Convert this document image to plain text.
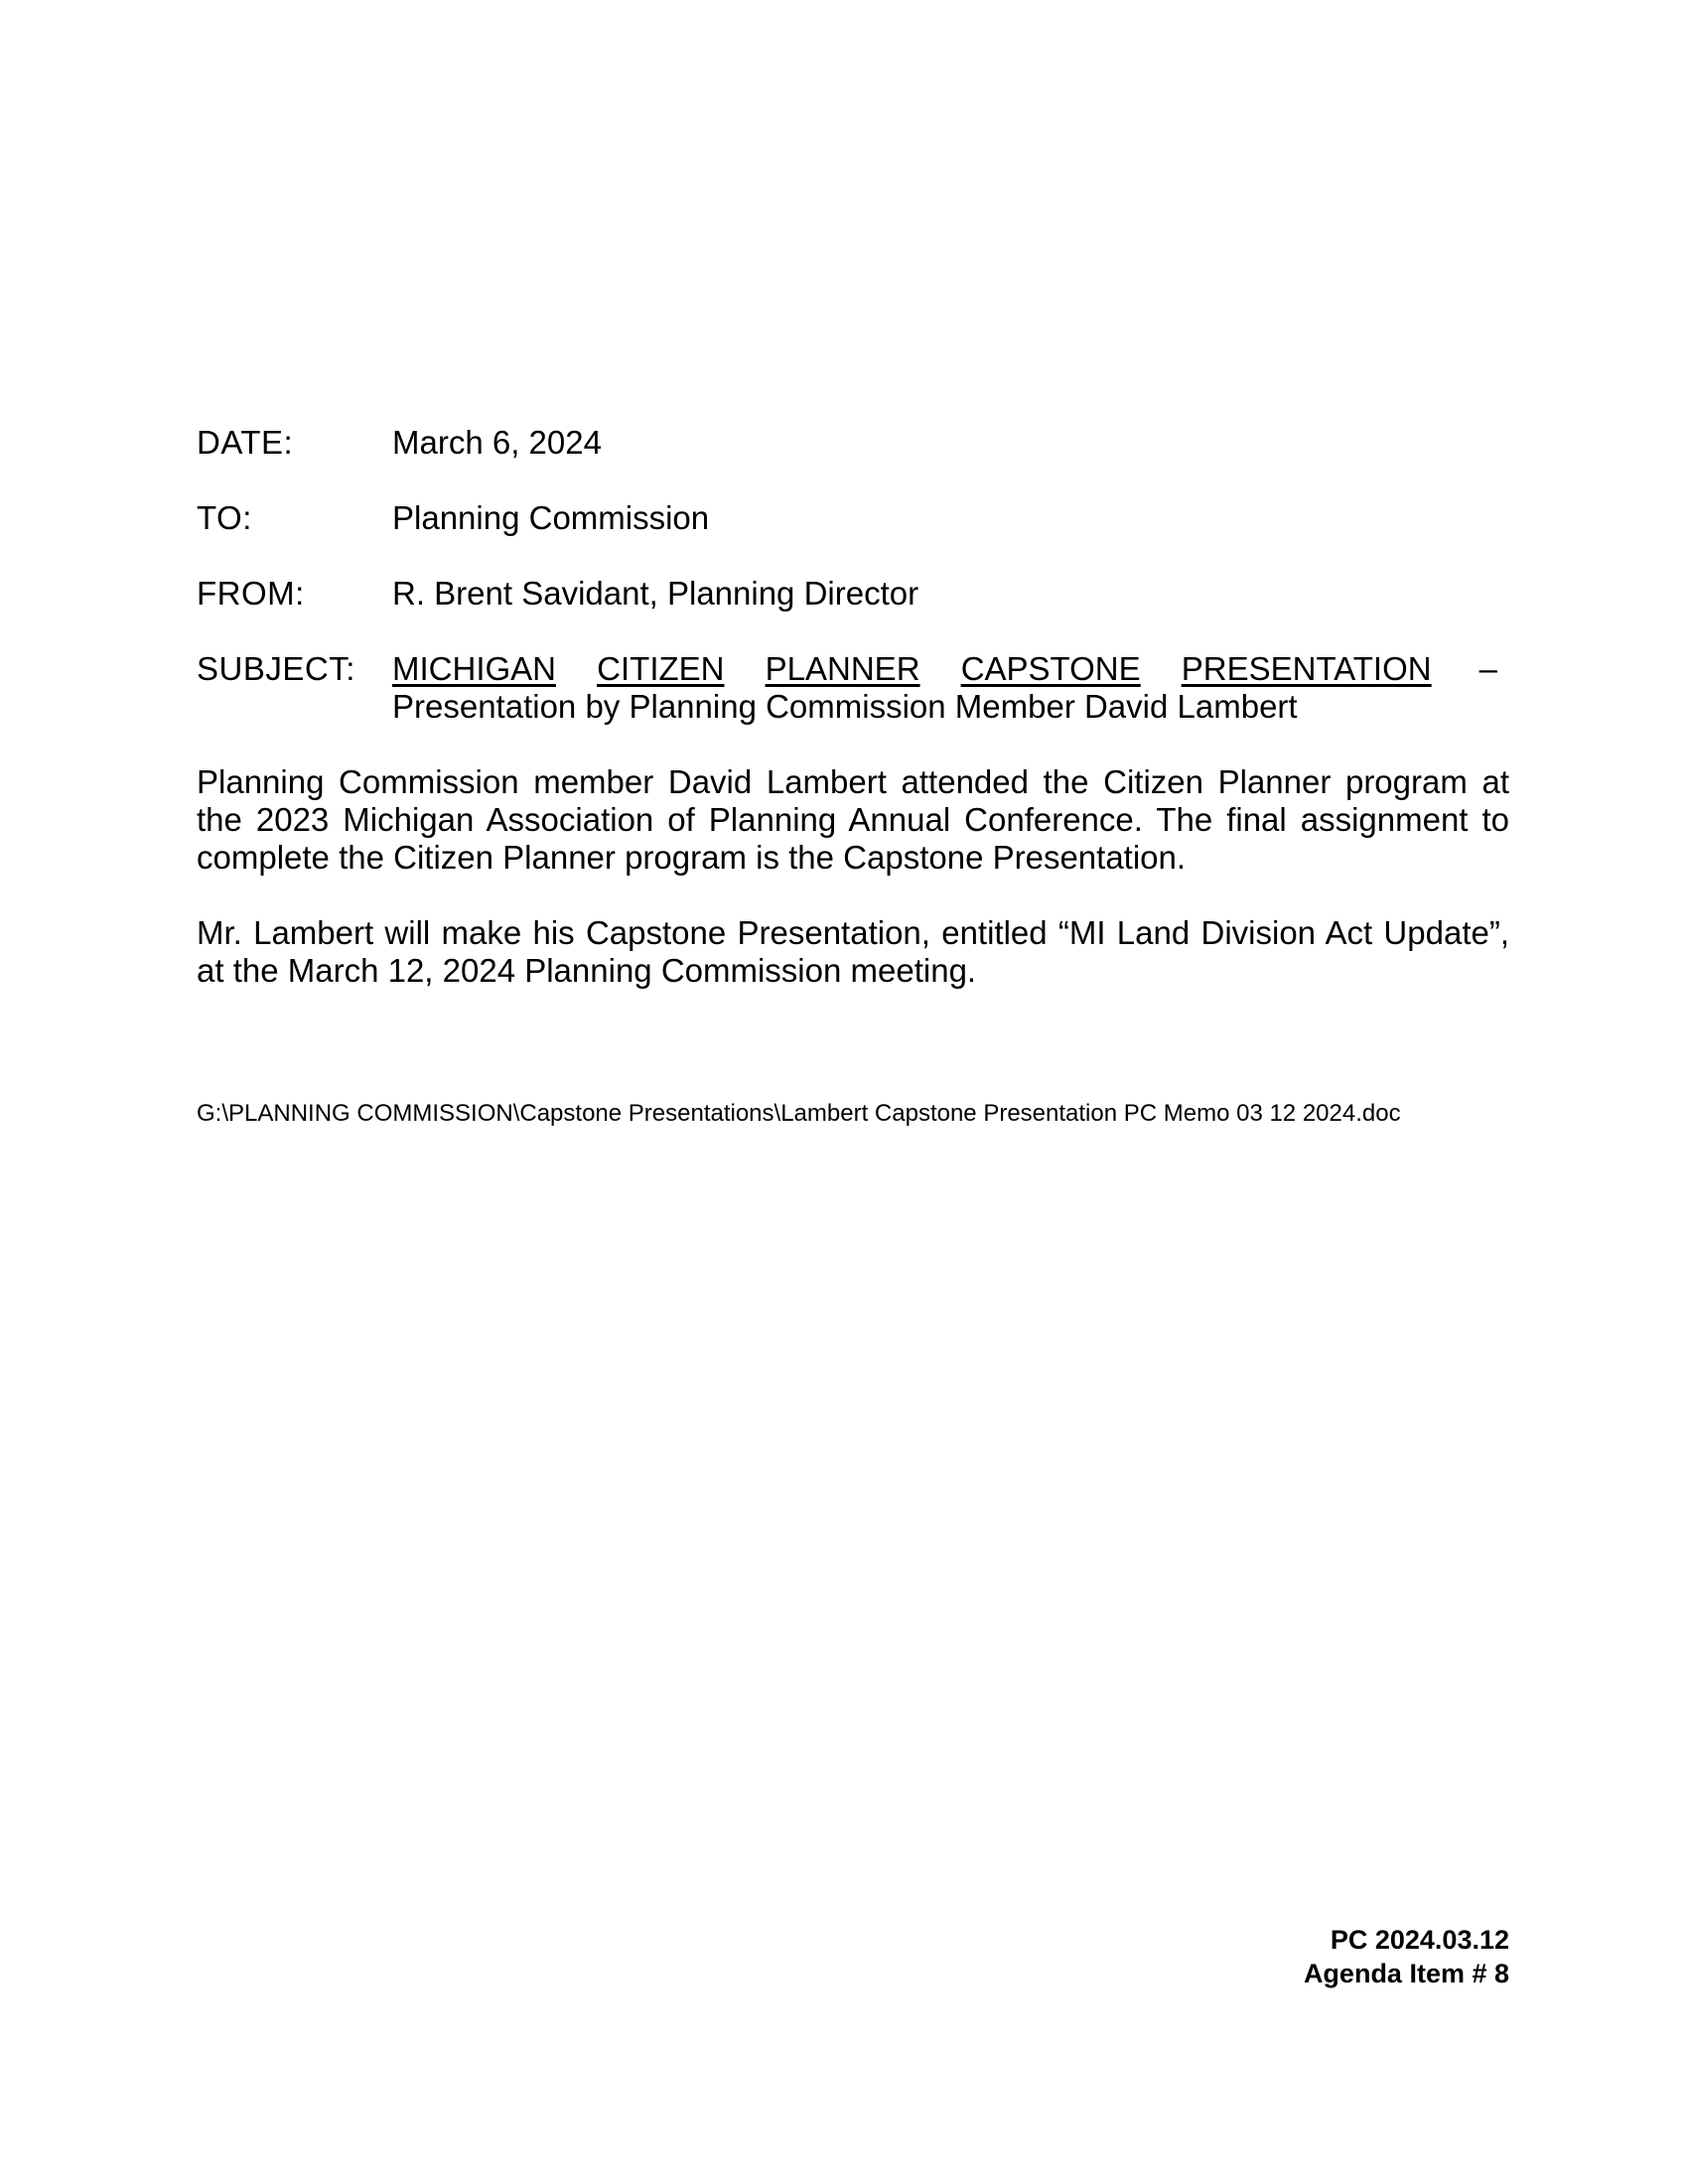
DATE:	March 6, 2024
TO:	Planning Commission
FROM:	R. Brent Savidant, Planning Director
SUBJECT:	MICHIGAN CITIZEN PLANNER CAPSTONE PRESENTATION –
Presentation by Planning Commission Member David Lambert

Planning Commission member David Lambert attended the Citizen Planner program at the 2023 Michigan Association of Planning Annual Conference. The final assignment to complete the Citizen Planner program is the Capstone Presentation.

Mr. Lambert will make his Capstone Presentation, entitled “MI Land Division Act Update”, at the March 12, 2024 Planning Commission meeting.

G:\PLANNING COMMISSION\Capstone Presentations\Lambert Capstone Presentation PC Memo 03 12 2024.doc
PC 2024.03.12
Agenda Item # 8
